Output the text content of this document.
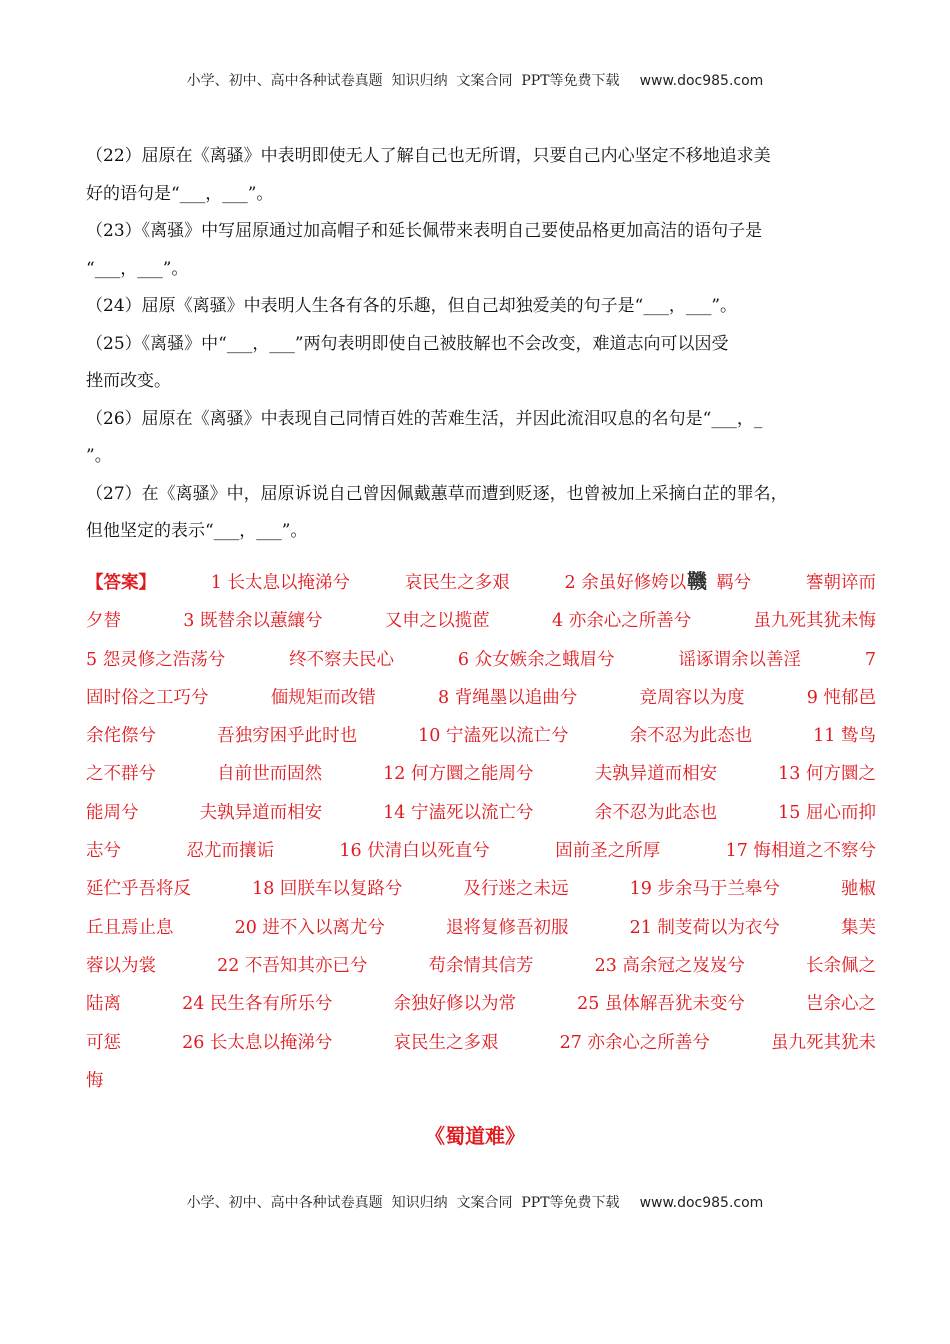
小学、初中、高中各种试卷真题  知识归纳  文案合同  PPT等免费下载 www.doc985.com

（22）屈原在《离骚》中表明即使无人了解自己也无所谓，只要自己内心坚定不移地追求美

好的语句是“___，___”。

（23）《离骚》中写屈原通过加高帽子和延长佩带来表明自己要使品格更加高洁的语句子是

“___，___”。

（24）屈原《离骚》中表明人生各有各的乐趣，但自己却独爱美的句子是“___，___”。

（25）《离骚》中“___，___”两句表明即使自己被肢解也不会改变，难道志向可以因受

挫而改变。

（26）屈原在《离骚》中表现自己同情百姓的苦难生活，并因此流泪叹息的名句是“___，_

”。

（27）在《离骚》中，屈原诉说自己曾因佩戴蕙草而遭到贬逐，也曾被加上采摘白芷的罪名，

但他坚定的表示“___，___”。

【答案】	1 长太息以掩涕兮	哀民生之多艰	2 余虽好修姱以 鞿 羁兮	謇朝谇而
夕替	3 既替余以蕙纕兮	又申之以揽茝	4 亦余心之所善兮	虽九死其犹未悔
5 怨灵修之浩荡兮	终不察夫民心	6 众女嫉余之蛾眉兮	谣诼谓余以善淫	7
固时俗之工巧兮	偭规矩而改错	8 背绳墨以追曲兮	竞周容以为度	9 忳郁邑
余侘傺兮	吾独穷困乎此时也	10 宁溘死以流亡兮	余不忍为此态也	11 鸷鸟
之不群兮	自前世而固然	12 何方圜之能周兮	夫孰异道而相安	13 何方圜之
能周兮	夫孰异道而相安	14 宁溘死以流亡兮	余不忍为此态也	15 屈心而抑
志兮	忍尤而攘诟	16 伏清白以死直兮	固前圣之所厚	17 悔相道之不察兮
延伫乎吾将反	18 回朕车以复路兮	及行迷之未远	19 步余马于兰皋兮	驰椒
丘且焉止息	20 进不入以离尤兮	退将复修吾初服	21 制芰荷以为衣兮	集芙
蓉以为裳	22 不吾知其亦已兮	苟余情其信芳	23 高余冠之岌岌兮	长余佩之
陆离	24 民生各有所乐兮	余独好修以为常	25 虽体解吾犹未变兮	岂余心之
可惩	26 长太息以掩涕兮	哀民生之多艰	27 亦余心之所善兮	虽九死其犹未
悔
《蜀道难》
小学、初中、高中各种试卷真题  知识归纳  文案合同  PPT等免费下载 www.doc985.com
